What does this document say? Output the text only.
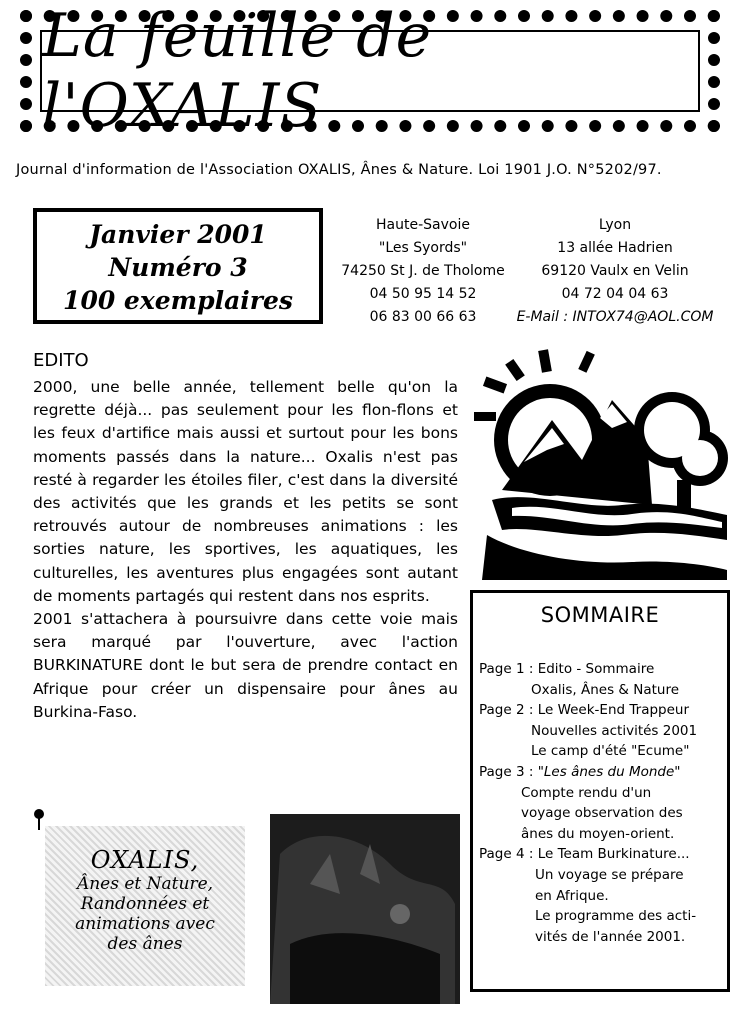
La feuille de l'OXALIS
Journal d'information de l'Association OXALIS, Ânes & Nature. Loi 1901 J.O. N°5202/97.
Janvier 2001
Numéro 3
100 exemplaires
Haute-Savoie
"Les Syords"
74250 St J. de Tholome
04 50 95 14 52
06 83 00 66 63
Lyon
13 allée Hadrien
69120 Vaulx en Velin
04 72 04 04 63
E-Mail : INTOX74@AOL.COM
EDITO

2000, une belle année, tellement belle qu'on la regrette déjà... pas seulement pour les flon-flons et les feux d'artifice mais aussi et surtout pour les bons moments passés dans la nature... Oxalis n'est pas resté à regarder les étoiles filer, c'est dans la diversité des activités que les grands et les petits se sont retrouvés autour de nombreuses animations : les sorties nature, les sportives, les aquatiques, les culturelles, les aventures plus engagées sont autant de moments partagés qui restent dans nos esprits.

2001 s'attachera à poursuivre dans cette voie mais sera marqué par l'ouverture, avec l'action BURKINATURE dont le but sera de prendre contact en Afrique pour créer un dispensaire pour ânes au Burkina-Faso.

SOMMAIRE
Page 1 : Edito - Sommaire
Oxalis, Ânes & Nature
Page 2 : Le Week-End Trappeur
Nouvelles activités 2001
Le camp d'été "Ecume"
Page 3 : "Les ânes du Monde"
Compte rendu d'un
voyage observation des
ânes du moyen-orient.
Page 4 : Le Team Burkinature...
Un voyage se prépare
en Afrique.
Le programme des acti-
vités de l'année 2001.
OXALIS,
Ânes et Nature,
Randonnées et
animations avec
des ânes
